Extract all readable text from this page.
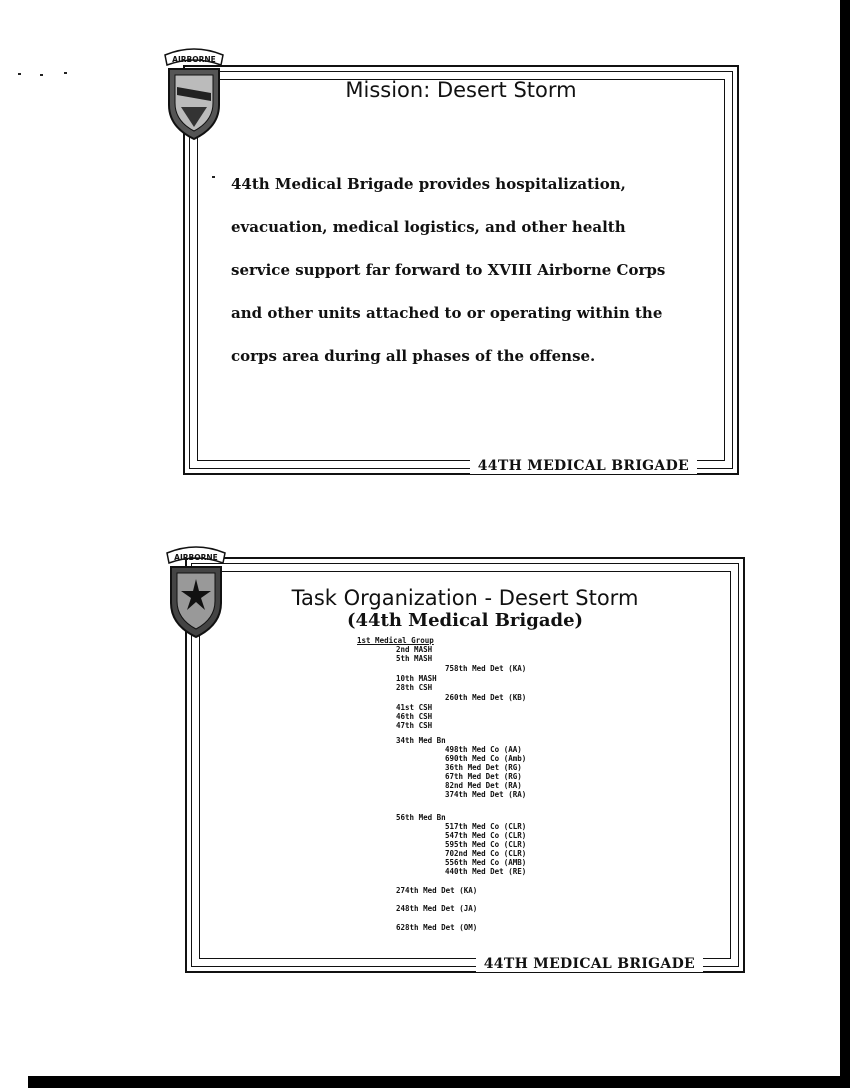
AIRBORNE
Mission: Desert Storm
44th Medical Brigade provides hospitalization,
evacuation, medical logistics, and other health
service support far forward to XVIII Airborne Corps
and other units attached to or operating within the
corps area during all phases of the offense.
44TH MEDICAL BRIGADE
AIRBORNE
Task Organization - Desert Storm
(44th Medical Brigade)
1st Medical Group
2nd MASH
5th MASH
758th Med Det (KA)
10th MASH
28th CSH
260th Med Det (KB)
41st CSH
46th CSH
47th CSH
34th Med Bn
498th Med Co (AA)
690th Med Co (Amb)
36th Med Det (RG)
67th Med Det (RG)
82nd Med Det (RA)
374th Med Det (RA)
56th Med Bn
517th Med Co (CLR)
547th Med Co (CLR)
595th Med Co (CLR)
702nd Med Co (CLR)
556th Med Co (AMB)
440th Med Det (RE)
274th Med Det (KA)
248th Med Det (JA)
628th Med Det (OM)
44TH MEDICAL BRIGADE
